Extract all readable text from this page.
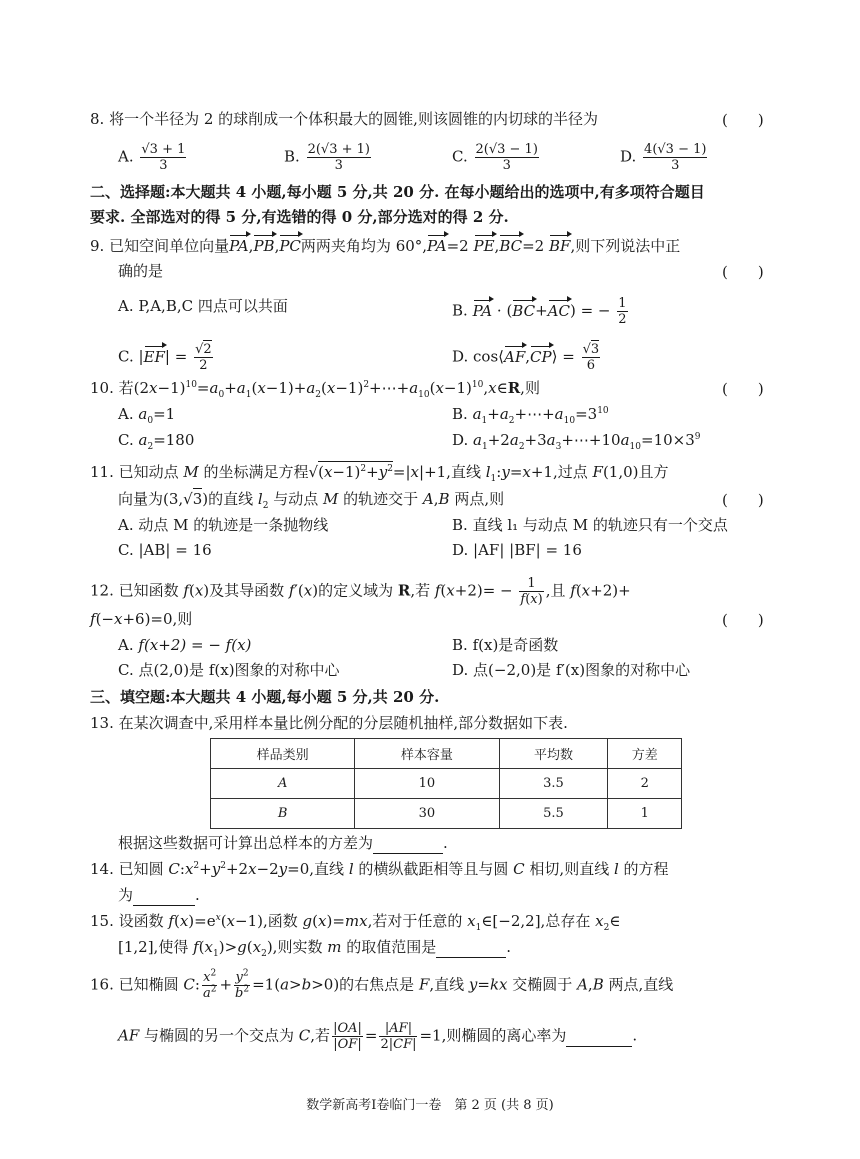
8. 将一个半径为 2 的球削成一个体积最大的圆锥,则该圆锥的内切球的半径为	(　　)
A. $\frac{√3 + 1}{3}$	B. $\frac{2(√3 + 1)}{3}$	C. $\frac{2(√3 - 1)}{3}$	D. $\frac{4(√3 - 1)}{3}$
二、选择题:本大题共 4 小题,每小题 5 分,共 20 分. 在每小题给出的选项中,有多项符合题目
要求. 全部选对的得 5 分,有选错的得 0 分,部分选对的得 2 分.
9. 已知空间单位向量PA,PB,PC两两夹角均为 60°,PA=2 PE,BC=2 BF,则下列说法中正
确的是	(　　)
A. P,A,B,C 四点可以共面	B. PA · (BC+AC) = − $\frac{1}{2}$
C. $|EF| = \frac{√2}{2}$	D. cos⟨AF,CP⟩ = $\frac{√3}{6}$
10. 若$(2x-1)^{10}=a_0+a_1(x-1)+a_2(x-1)^2+\cdots+a_{10}(x-1)^{10},x\in R$,则	(　　)
A. $a_0=1$	B. $a_1+a_2+\cdots+a_{10}=3^{10}$
C. $a_2=180$	D. $a_1+2a_2+3a_3+\cdots+10a_{10}=10\times 3^9$
11. 已知动点 M 的坐标满足方程$√(x-1)^2+y^2=|x|+1$,直线 $l_1:y=x+1$,过点 F(1,0)且方
向量为(3,√3)的直线 $l_2$ 与动点 M 的轨迹交于 A,B 两点,则	(　　)
A. 动点 M 的轨迹是一条抛物线	B. 直线 l₁ 与动点 M 的轨迹只有一个交点
C. |AB| = 16	D. |AF| |BF| = 16
12. 已知函数 f(x)及其导函数 f′(x)的定义域为 R,若 $f(x+2)= - \frac{1}{f(x)}$ ,且 f(x+2)+
f(−x+6)=0,则	(　　)
A. f(x+2) = − f(x)	B. f(x)是奇函数
C. 点(2,0)是 f(x)图象的对称中心	D. 点(−2,0)是 f′(x)图象的对称中心
三、填空题:本大题共 4 小题,每小题 5 分,共 20 分.
13. 在某次调查中,采用样本量比例分配的分层随机抽样,部分数据如下表.
样品类别	样本容量	平均数	方差
A	10	3.5	2
B	30	5.5	1
根据这些数据可计算出总样本的方差为	.
14. 已知圆 $C:x^2+y^2+2x-2y=0$,直线 l 的横纵截距相等且与圆 C 相切,则直线 l 的方程
为	.
15. 设函数 $f(x)=e^x(x-1)$,函数 g(x)=mx,若对于任意的 $x_1\in[-2,2]$,总存在 $x_2\in$
[1,2],使得 $f(x_1)>g(x_2)$,则实数 m 的取值范围是	.
16. 已知椭圆 C: $\frac{x^2}{a^2} + \frac{y^2}{b^2} =1(a>b>0)$的右焦点是 F,直线 y=kx 交椭圆于 A,B 两点,直线
AF 与椭圆的另一个交点为 C,若 $\frac{|OA|}{|OF|} = \frac{|AF|}{2|CF|} =1$,则椭圆的离心率为	.
数学新高考Ⅰ卷临门一卷　第 2 页 (共 8 页)
